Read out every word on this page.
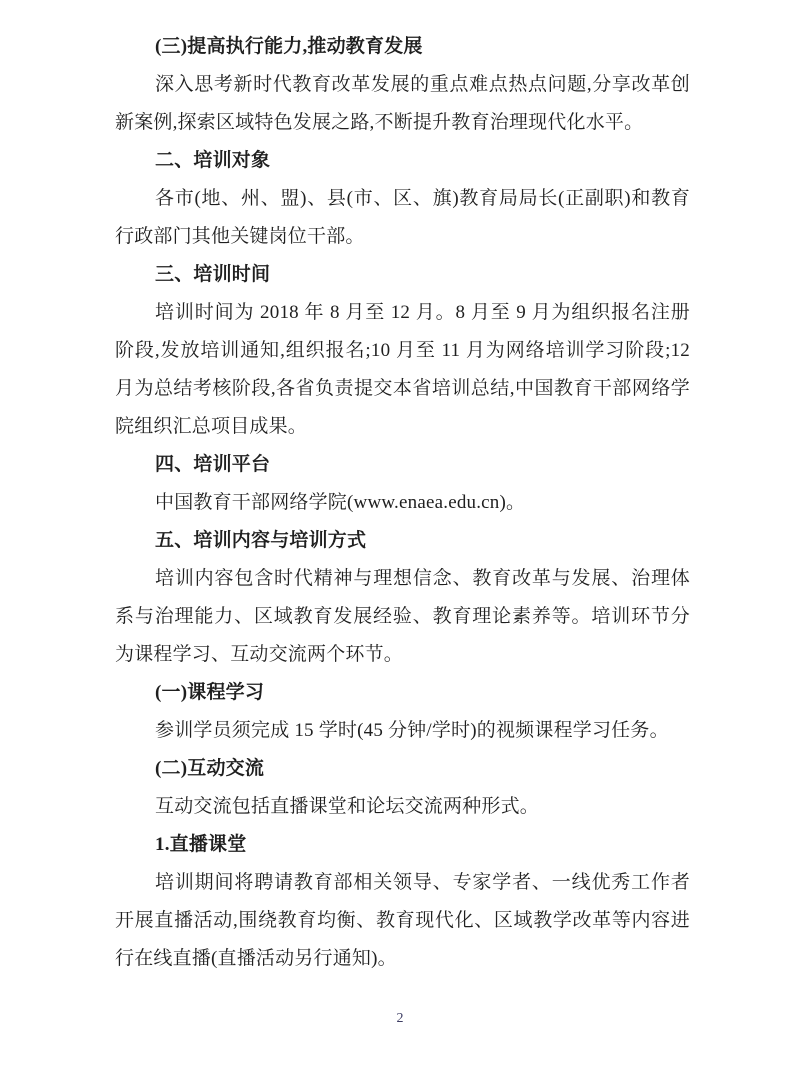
(三)提高执行能力,推动教育发展

深入思考新时代教育改革发展的重点难点热点问题,分享改革创新案例,探索区域特色发展之路,不断提升教育治理现代化水平。

二、培训对象

各市(地、州、盟)、县(市、区、旗)教育局局长(正副职)和教育行政部门其他关键岗位干部。

三、培训时间

培训时间为 2018 年 8 月至 12 月。8 月至 9 月为组织报名注册阶段,发放培训通知,组织报名;10 月至 11 月为网络培训学习阶段;12 月为总结考核阶段,各省负责提交本省培训总结,中国教育干部网络学院组织汇总项目成果。

四、培训平台

中国教育干部网络学院(www.enaea.edu.cn)。

五、培训内容与培训方式

培训内容包含时代精神与理想信念、教育改革与发展、治理体系与治理能力、区域教育发展经验、教育理论素养等。培训环节分为课程学习、互动交流两个环节。

(一)课程学习

参训学员须完成 15 学时(45 分钟/学时)的视频课程学习任务。

(二)互动交流

互动交流包括直播课堂和论坛交流两种形式。

1.直播课堂

培训期间将聘请教育部相关领导、专家学者、一线优秀工作者开展直播活动,围绕教育均衡、教育现代化、区域教学改革等内容进行在线直播(直播活动另行通知)。

2
